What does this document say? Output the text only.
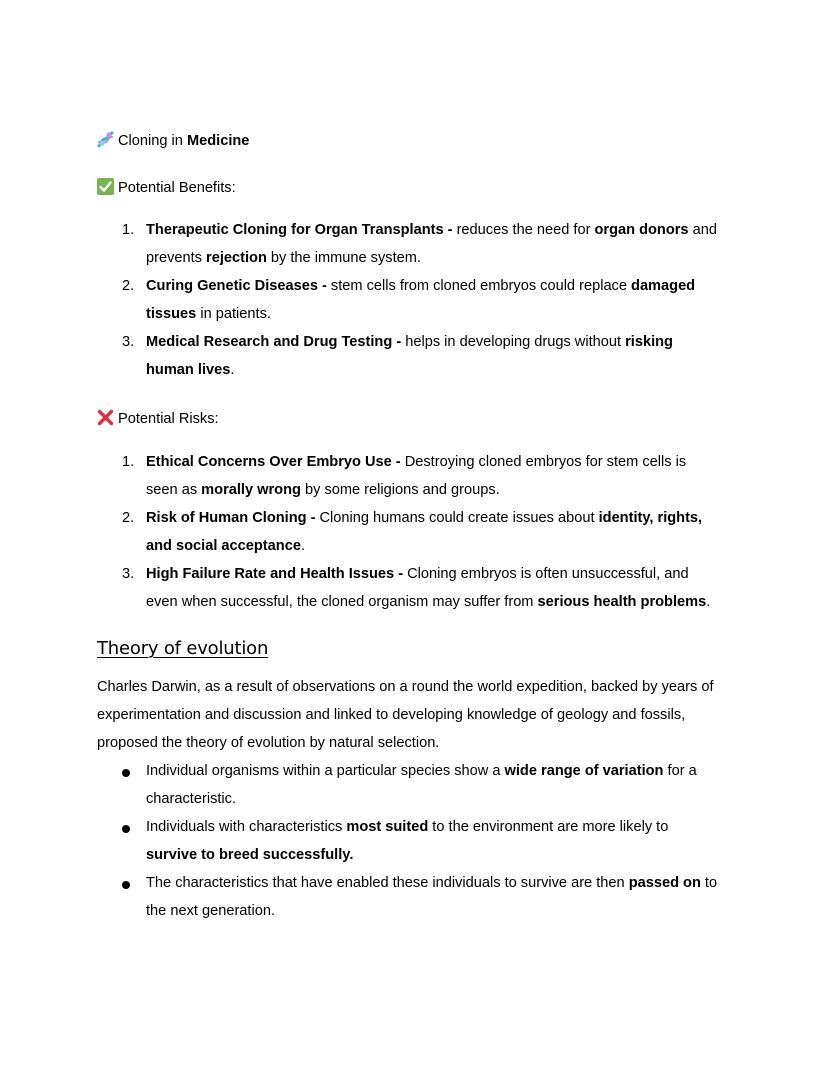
Cloning in Medicine
Potential Benefits:
1. Therapeutic Cloning for Organ Transplants - reduces the need for organ donors and
prevents rejection by the immune system.
2. Curing Genetic Diseases - stem cells from cloned embryos could replace damaged
tissues in patients.
3. Medical Research and Drug Testing - helps in developing drugs without risking
human lives.
Potential Risks:
1. Ethical Concerns Over Embryo Use - Destroying cloned embryos for stem cells is
seen as morally wrong by some religions and groups.
2. Risk of Human Cloning - Cloning humans could create issues about identity, rights,
and social acceptance.
3. High Failure Rate and Health Issues - Cloning embryos is often unsuccessful, and
even when successful, the cloned organism may suffer from serious health problems.
Theory of evolution
Charles Darwin, as a result of observations on a round the world expedition, backed by years of
experimentation and discussion and linked to developing knowledge of geology and fossils,
proposed the theory of evolution by natural selection.
Individual organisms within a particular species show a wide range of variation for a
characteristic.
Individuals with characteristics most suited to the environment are more likely to
survive to breed successfully.
The characteristics that have enabled these individuals to survive are then passed on to
the next generation.
